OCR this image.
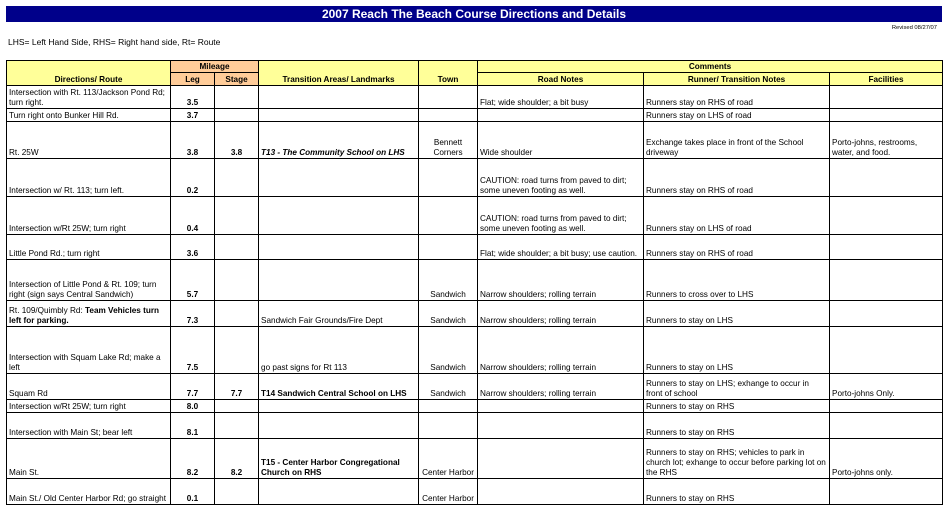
2007 Reach The Beach Course Directions and Details
Revised 08/27/07
LHS= Left Hand Side, RHS= Right hand side, Rt= Route
Directions/ Route	Mileage		Transition Areas/ Landmarks	Town	Comments		
	Leg	Stage			Road Notes	Runner/ Transition Notes	Facilities
Intersection with Rt. 113/Jackson Pond Rd; turn right.	3.5				Flat; wide shoulder; a bit busy	Runners stay on RHS of road	
Turn right onto Bunker Hill Rd.	3.7					Runners stay on LHS of road	
Rt. 25W	3.8	3.8	T13 - The Community School on LHS	Bennett Corners	Wide shoulder	Exchange takes place in front of the School driveway	Porto-johns, restrooms, water, and food.
Intersection w/ Rt. 113; turn left.	0.2				CAUTION: road turns from paved to dirt; some uneven footing as well.	Runners stay on RHS of road	
Intersection w/Rt 25W; turn right	0.4				CAUTION: road turns from paved to dirt; some uneven footing as well.	Runners stay on LHS of road	
Little Pond Rd.; turn right	3.6				Flat; wide shoulder; a bit busy; use caution.	Runners stay on RHS of road	
Intersection of Little Pond & Rt. 109; turn right (sign says Central Sandwich)	5.7			Sandwich	Narrow shoulders; rolling terrain	Runners to cross over to LHS	
Rt. 109/Quimbly Rd: Team Vehicles turn left for parking.	7.3		Sandwich Fair Grounds/Fire Dept	Sandwich	Narrow shoulders; rolling terrain	Runners to stay on LHS	
Intersection with Squam Lake Rd; make a left	7.5		go past signs for Rt 113	Sandwich	Narrow shoulders; rolling terrain	Runners to stay on LHS	
Squam Rd	7.7	7.7	T14 Sandwich Central School on LHS	Sandwich	Narrow shoulders; rolling terrain	Runners to stay on LHS; exhange to occur in front of school	Porto-johns Only.
Intersection w/Rt 25W; turn right	8.0					Runners to stay on RHS	
Intersection with Main St; bear left	8.1					Runners to stay on RHS	
Main St.	8.2	8.2	T15 - Center Harbor Congregational Church on RHS	Center Harbor		Runners to stay on RHS; vehicles to park in church lot; exhange to occur before parking lot on the RHS	Porto-johns only.
Main St./ Old Center Harbor Rd; go straight	0.1			Center Harbor		Runners to stay on RHS	
